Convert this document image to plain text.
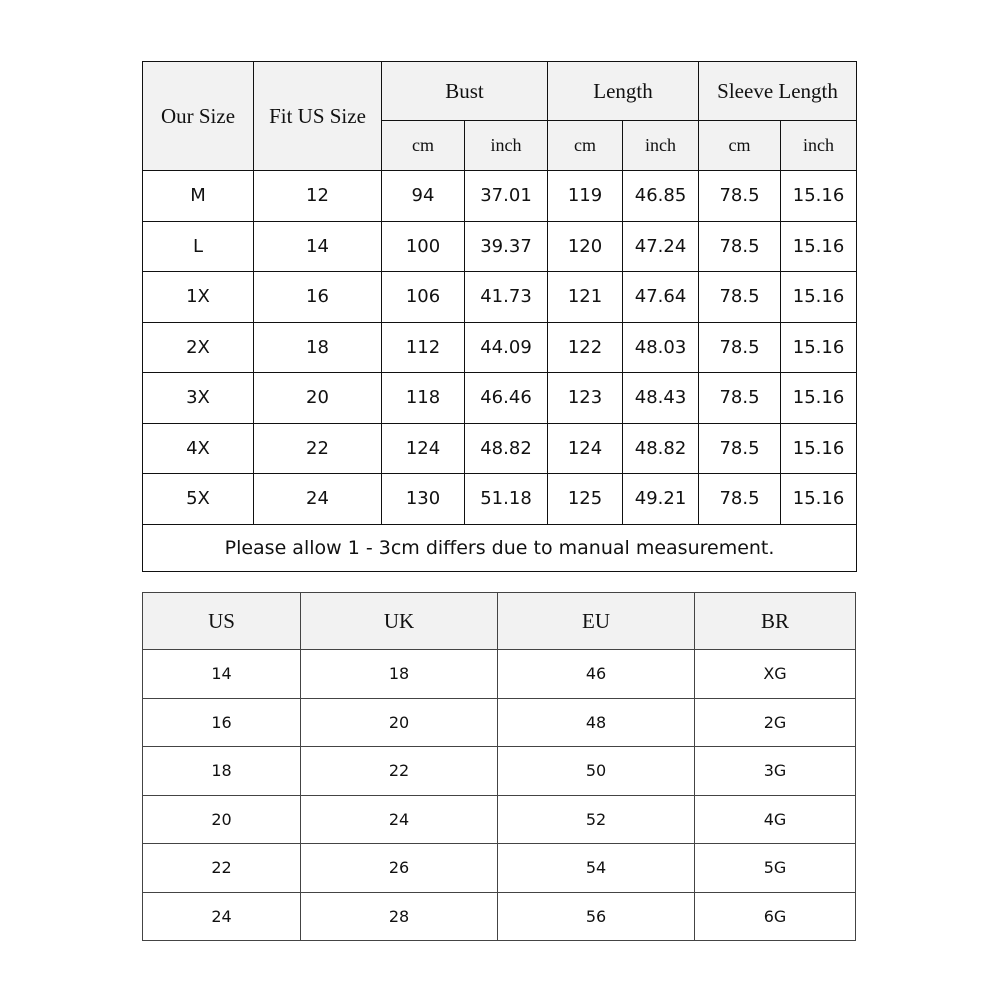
Our Size	Fit US Size	Bust		Length		Sleeve Length	
		cm	inch	cm	inch	cm	inch
M	12	94	37.01	119	46.85	78.5	15.16
L	14	100	39.37	120	47.24	78.5	15.16
1X	16	106	41.73	121	47.64	78.5	15.16
2X	18	112	44.09	122	48.03	78.5	15.16
3X	20	118	46.46	123	48.43	78.5	15.16
4X	22	124	48.82	124	48.82	78.5	15.16
5X	24	130	51.18	125	49.21	78.5	15.16
Please allow 1 - 3cm differs due to manual measurement.							
US	UK	EU	BR
14	18	46	XG
16	20	48	2G
18	22	50	3G
20	24	52	4G
22	26	54	5G
24	28	56	6G
